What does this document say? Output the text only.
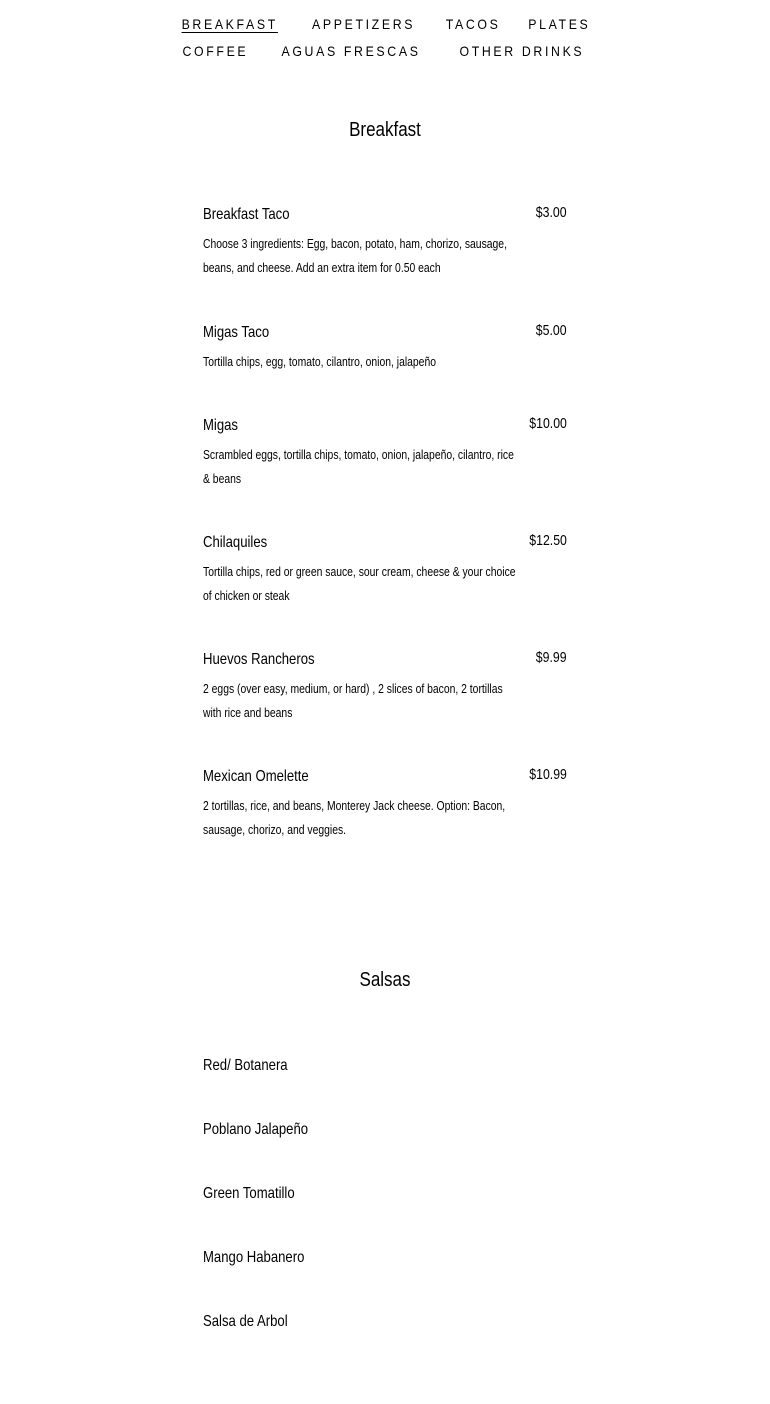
BREAKFAST APPETIZERS TACOS PLATES
COFFEE AGUAS FRESCAS	OTHER DRINKS
Breakfast
Breakfast Taco	$3.00
Choose 3 ingredients: Egg, bacon, potato, ham, chorizo, sausage, beans, and cheese. Add an extra item for 0.50 each
Migas Taco	$5.00
Tortilla chips, egg, tomato, cilantro, onion, jalapeño
Migas	$10.00
Scrambled eggs, tortilla chips, tomato, onion, jalapeño, cilantro, rice & beans
Chilaquiles	$12.50
Tortilla chips, red or green sauce, sour cream, cheese & your choice of chicken or steak
Huevos Rancheros	$9.99
2 eggs (over easy, medium, or hard) , 2 slices of bacon, 2 tortillas with rice and beans
Mexican Omelette	$10.99
2 tortillas, rice, and beans, Monterey Jack cheese. Option: Bacon, sausage, chorizo, and veggies.
Salsas
Red/ Botanera
Poblano Jalapeño
Green Tomatillo
Mango Habanero
Salsa de Arbol
